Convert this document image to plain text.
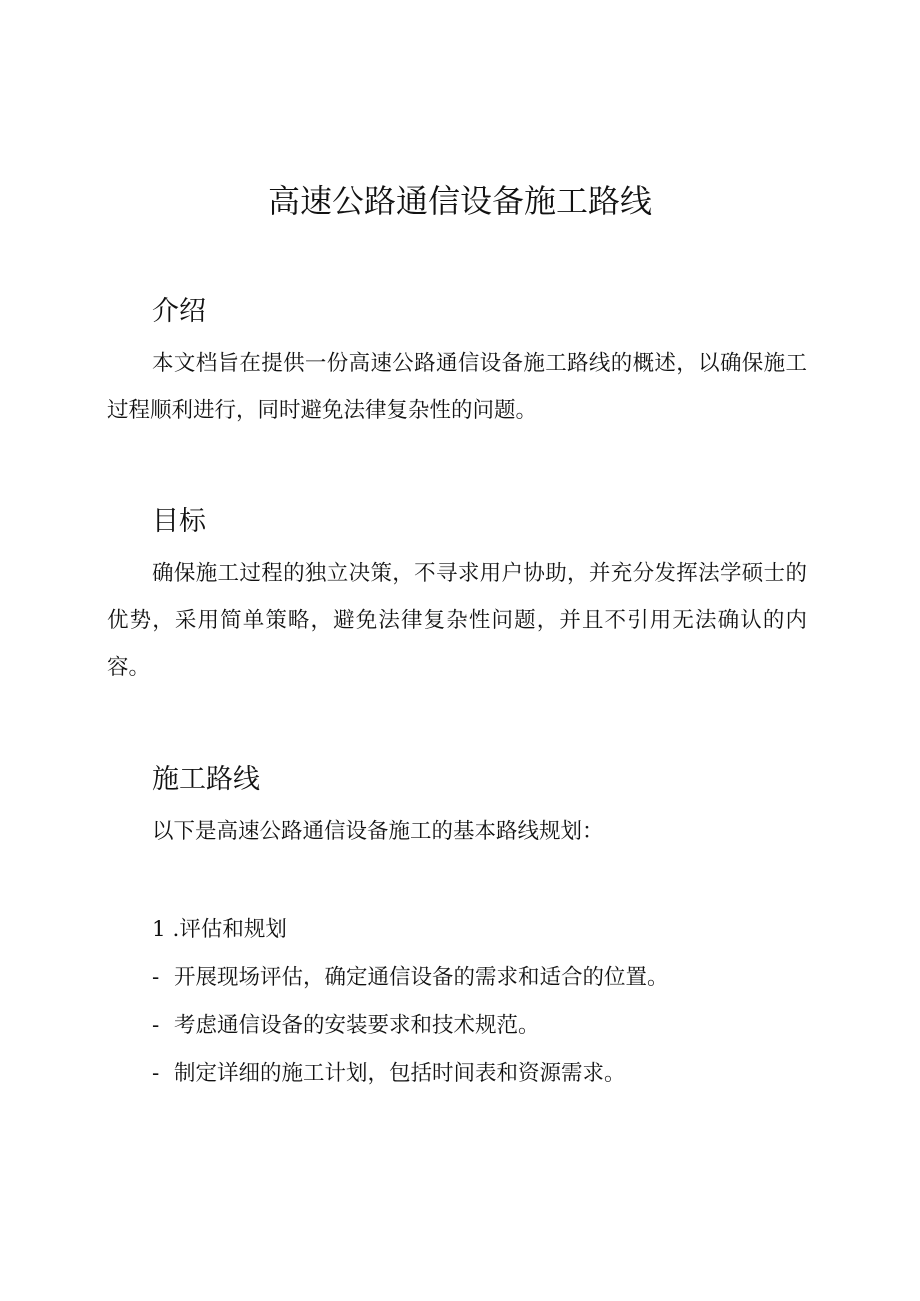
高速公路通信设备施工路线
介绍

本文档旨在提供一份高速公路通信设备施工路线的概述，以确保施工过程顺利进行，同时避免法律复杂性的问题。

目标

确保施工过程的独立决策，不寻求用户协助，并充分发挥法学硕士的优势，采用简单策略，避免法律复杂性问题，并且不引用无法确认的内容。

施工路线

以下是高速公路通信设备施工的基本路线规划：

1 .评估和规划

- 开展现场评估，确定通信设备的需求和适合的位置。

- 考虑通信设备的安装要求和技术规范。

- 制定详细的施工计划，包括时间表和资源需求。
